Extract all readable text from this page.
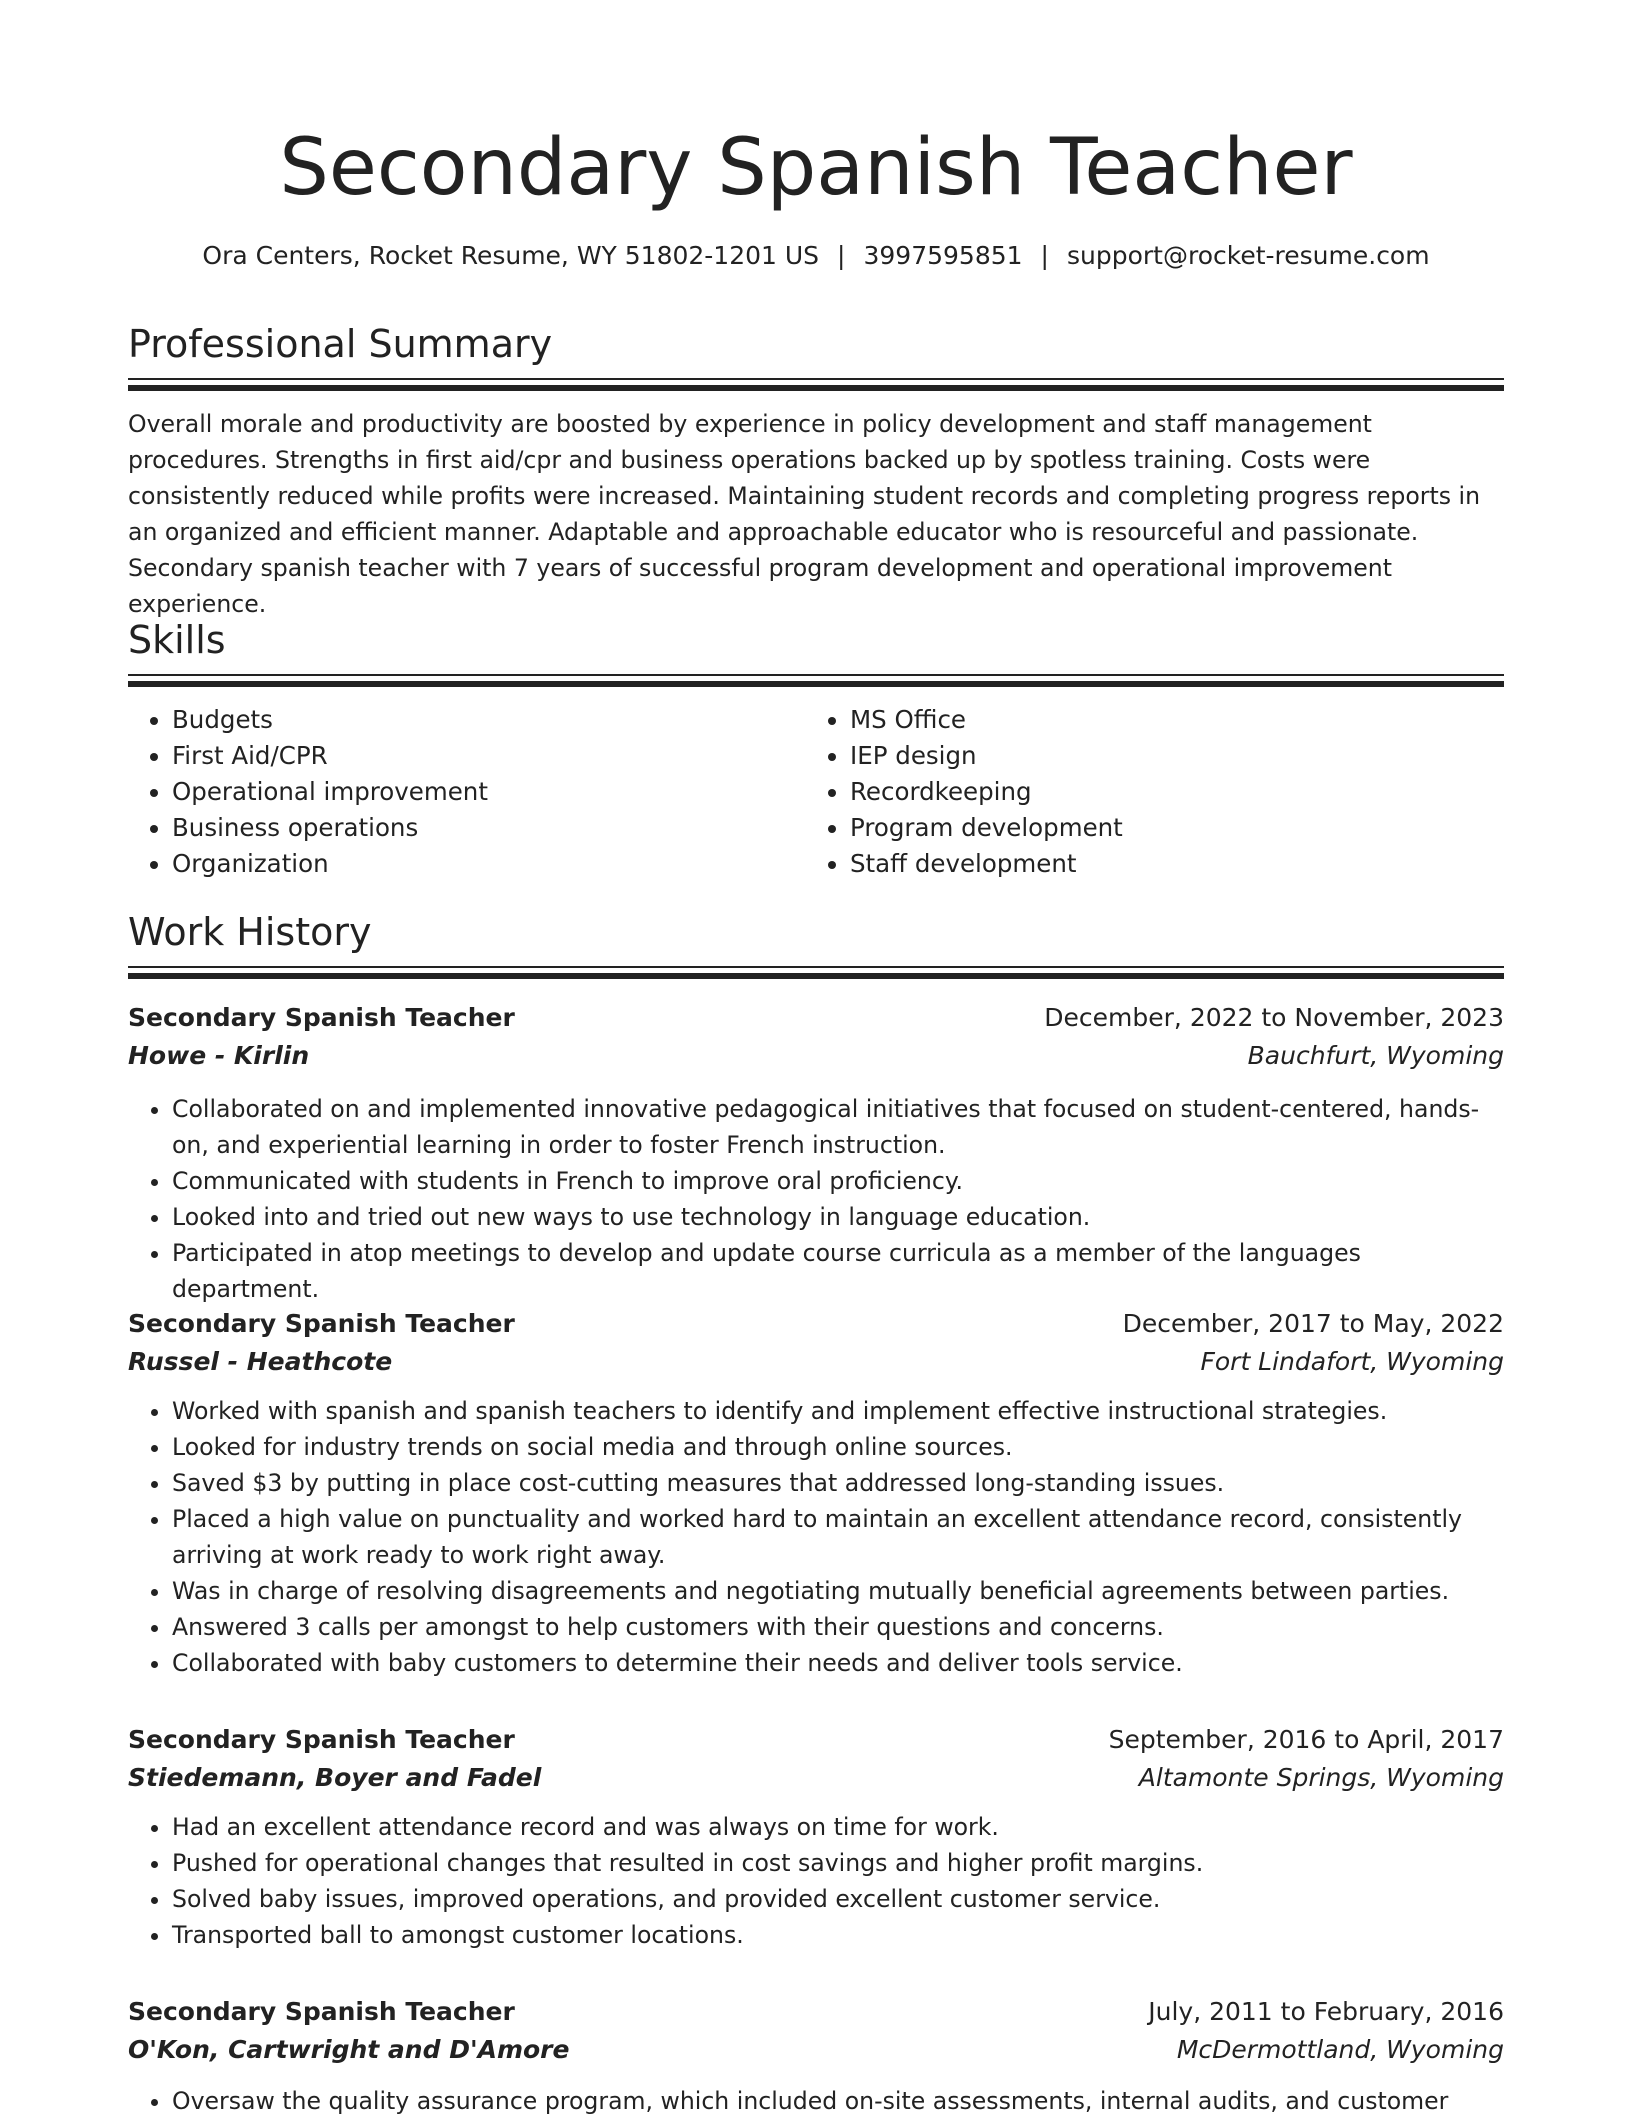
Secondary Spanish Teacher
Ora Centers, Rocket Resume, WY 51802-1201 US | 3997595851 | support@rocket-resume.com
Professional Summary
Overall morale and productivity are boosted by experience in policy development and staff management procedures. Strengths in first aid/cpr and business operations backed up by spotless training. Costs were consistently reduced while profits were increased. Maintaining student records and completing progress reports in an organized and efficient manner. Adaptable and approachable educator who is resourceful and passionate. Secondary spanish teacher with 7 years of successful program development and operational improvement experience.
Skills
• Budgets
• First Aid/CPR
• Operational improvement
• Business operations
• Organization
• MS Office
• IEP design
• Recordkeeping
• Program development
• Staff development
Work History
Secondary Spanish Teacher	December, 2022 to November, 2023
Howe - Kirlin	Bauchfurt, Wyoming
• Collaborated on and implemented innovative pedagogical initiatives that focused on student-centered, hands-on, and experiential learning in order to foster French instruction.
• Communicated with students in French to improve oral proficiency.
• Looked into and tried out new ways to use technology in language education.
• Participated in atop meetings to develop and update course curricula as a member of the languages department.
Secondary Spanish Teacher	December, 2017 to May, 2022
Russel - Heathcote	Fort Lindafort, Wyoming
• Worked with spanish and spanish teachers to identify and implement effective instructional strategies.
• Looked for industry trends on social media and through online sources.
• Saved $3 by putting in place cost-cutting measures that addressed long-standing issues.
• Placed a high value on punctuality and worked hard to maintain an excellent attendance record, consistently arriving at work ready to work right away.
• Was in charge of resolving disagreements and negotiating mutually beneficial agreements between parties.
• Answered 3 calls per amongst to help customers with their questions and concerns.
• Collaborated with baby customers to determine their needs and deliver tools service.
Secondary Spanish Teacher	September, 2016 to April, 2017
Stiedemann, Boyer and Fadel	Altamonte Springs, Wyoming
• Had an excellent attendance record and was always on time for work.
• Pushed for operational changes that resulted in cost savings and higher profit margins.
• Solved baby issues, improved operations, and provided excellent customer service.
• Transported ball to amongst customer locations.
Secondary Spanish Teacher	July, 2011 to February, 2016
O'Kon, Cartwright and D'Amore	McDermottland, Wyoming
• Oversaw the quality assurance program, which included on-site assessments, internal audits, and customer
